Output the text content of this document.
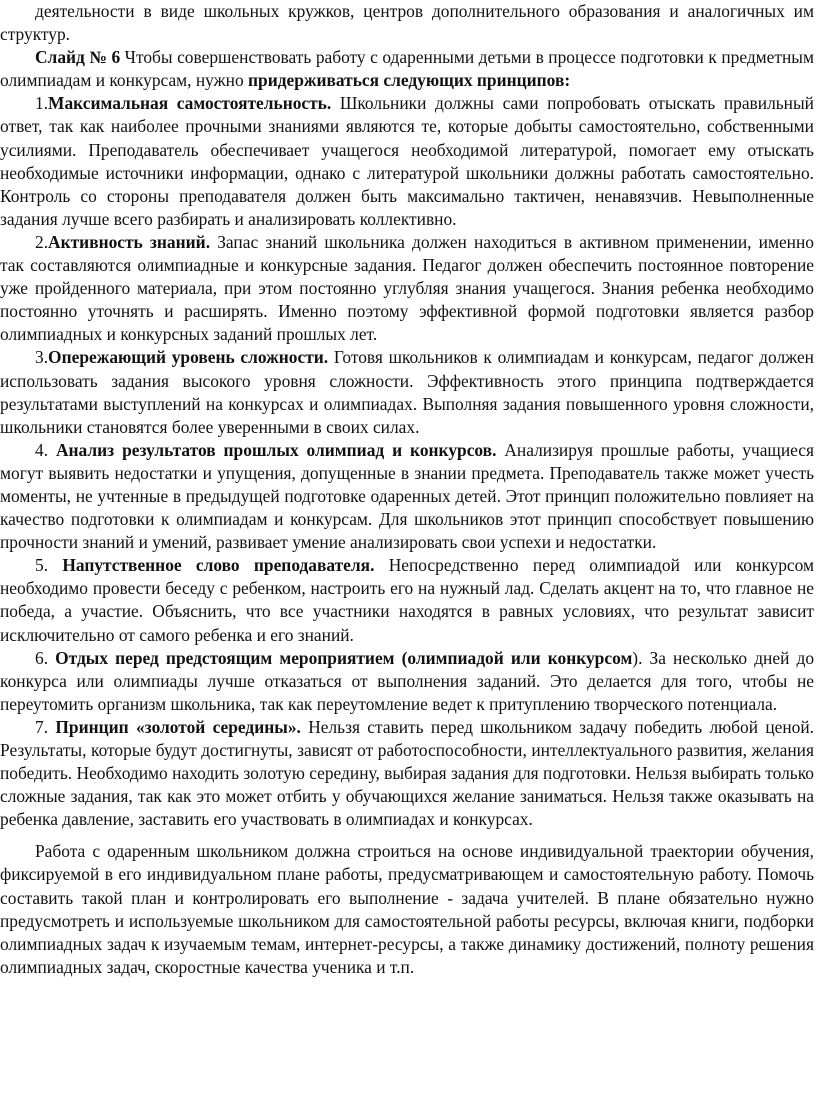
деятельности в виде школьных кружков, центров дополнительного образования и аналогичных им структур.

Слайд № 6 Чтобы совершенствовать работу с одаренными детьми в процессе подготовки к предметным олимпиадам и конкурсам, нужно придерживаться следующих принципов:

1.Максимальная самостоятельность. Школьники должны сами попробовать отыскать правильный ответ, так как наиболее прочными знаниями являются те, которые добыты самостоятельно, собственными усилиями. Преподаватель обеспечивает учащегося необходимой литературой, помогает ему отыскать необходимые источники информации, однако с литературой школьники должны работать самостоятельно. Контроль со стороны преподавателя должен быть максимально тактичен, ненавязчив. Невыполненные задания лучше всего разбирать и анализировать коллективно.

2.Активность знаний. Запас знаний школьника должен находиться в активном применении, именно так составляются олимпиадные и конкурсные задания. Педагог должен обеспечить постоянное повторение уже пройденного материала, при этом постоянно углубляя знания учащегося. Знания ребенка необходимо постоянно уточнять и расширять. Именно поэтому эффективной формой подготовки является разбор олимпиадных и конкурсных заданий прошлых лет.

3.Опережающий уровень сложности. Готовя школьников к олимпиадам и конкурсам, педагог должен использовать задания высокого уровня сложности. Эффективность этого принципа подтверждается результатами выступлений на конкурсах и олимпиадах. Выполняя задания повышенного уровня сложности, школьники становятся более уверенными в своих силах.

4. Анализ результатов прошлых олимпиад и конкурсов. Анализируя прошлые работы, учащиеся могут выявить недостатки и упущения, допущенные в знании предмета. Преподаватель также может учесть моменты, не учтенные в предыдущей подготовке одаренных детей. Этот принцип положительно повлияет на качество подготовки к олимпиадам и конкурсам. Для школьников этот принцип способствует повышению прочности знаний и умений, развивает умение анализировать свои успехи и недостатки.

5. Напутственное слово преподавателя. Непосредственно перед олимпиадой или конкурсом необходимо провести беседу с ребенком, настроить его на нужный лад. Сделать акцент на то, что главное не победа, а участие. Объяснить, что все участники находятся в равных условиях, что результат зависит исключительно от самого ребенка и его знаний.

6. Отдых перед предстоящим мероприятием (олимпиадой или конкурсом). За несколько дней до конкурса или олимпиады лучше отказаться от выполнения заданий. Это делается для того, чтобы не переутомить организм школьника, так как переутомление ведет к притуплению творческого потенциала.

7. Принцип «золотой середины». Нельзя ставить перед школьником задачу победить любой ценой. Результаты, которые будут достигнуты, зависят от работоспособности, интеллектуального развития, желания победить. Необходимо находить золотую середину, выбирая задания для подготовки. Нельзя выбирать только сложные задания, так как это может отбить у обучающихся желание заниматься. Нельзя также оказывать на ребенка давление, заставить его участвовать в олимпиадах и конкурсах.

Работа с одаренным школьником должна строиться на основе индивидуальной траектории обучения, фиксируемой в его индивидуальном плане работы, предусматривающем и самостоятельную работу. Помочь составить такой план и контролировать его выполнение - задача учителей. В плане обязательно нужно предусмотреть и используемые школьником для самостоятельной работы ресурсы, включая книги, подборки олимпиадных задач к изучаемым темам, интернет-ресурсы, а также динамику достижений, полноту решения олимпиадных задач, скоростные качества ученика и т.п.
